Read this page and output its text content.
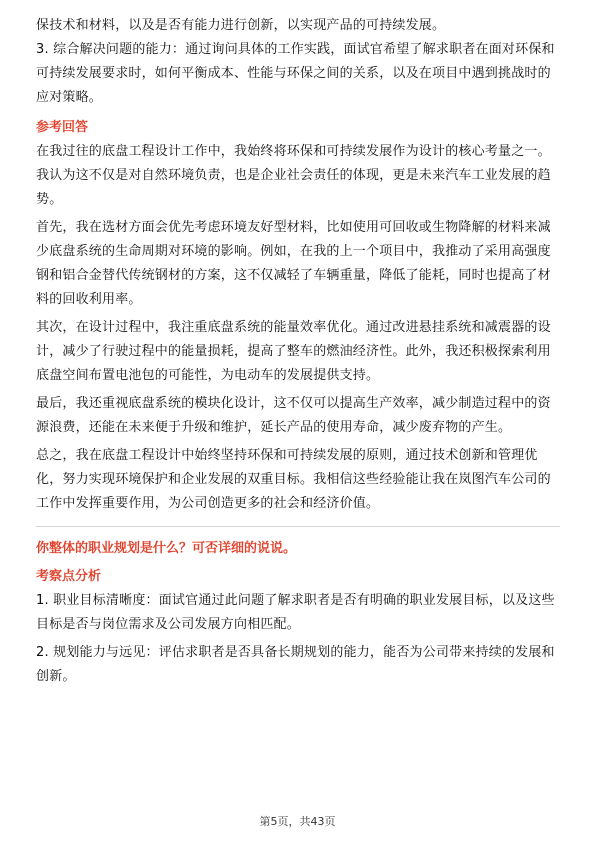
保技术和材料，以及是否有能力进行创新，以实现产品的可持续发展。

3. 综合解决问题的能力：通过询问具体的工作实践，面试官希望了解求职者在面对环保和可持续发展要求时，如何平衡成本、性能与环保之间的关系，以及在项目中遇到挑战时的应对策略。

参考回答

在我过往的底盘工程设计工作中，我始终将环保和可持续发展作为设计的核心考量之一。我认为这不仅是对自然环境负责，也是企业社会责任的体现，更是未来汽车工业发展的趋势。

首先，我在选材方面会优先考虑环境友好型材料，比如使用可回收或生物降解的材料来减少底盘系统的生命周期对环境的影响。例如，在我的上一个项目中，我推动了采用高强度钢和铝合金替代传统钢材的方案，这不仅减轻了车辆重量，降低了能耗，同时也提高了材料的回收利用率。

其次，在设计过程中，我注重底盘系统的能量效率优化。通过改进悬挂系统和减震器的设计，减少了行驶过程中的能量损耗，提高了整车的燃油经济性。此外，我还积极探索利用底盘空间布置电池包的可能性，为电动车的发展提供支持。

最后，我还重视底盘系统的模块化设计，这不仅可以提高生产效率，减少制造过程中的资源浪费，还能在未来便于升级和维护，延长产品的使用寿命，减少废弃物的产生。

总之，我在底盘工程设计中始终坚持环保和可持续发展的原则，通过技术创新和管理优化，努力实现环境保护和企业发展的双重目标。我相信这些经验能让我在岚图汽车公司的工作中发挥重要作用，为公司创造更多的社会和经济价值。

你整体的职业规划是什么？可否详细的说说。
考察点分析

1. 职业目标清晰度：面试官通过此问题了解求职者是否有明确的职业发展目标，以及这些目标是否与岗位需求及公司发展方向相匹配。

2. 规划能力与远见：评估求职者是否具备长期规划的能力，能否为公司带来持续的发展和创新。

第5页，共43页
